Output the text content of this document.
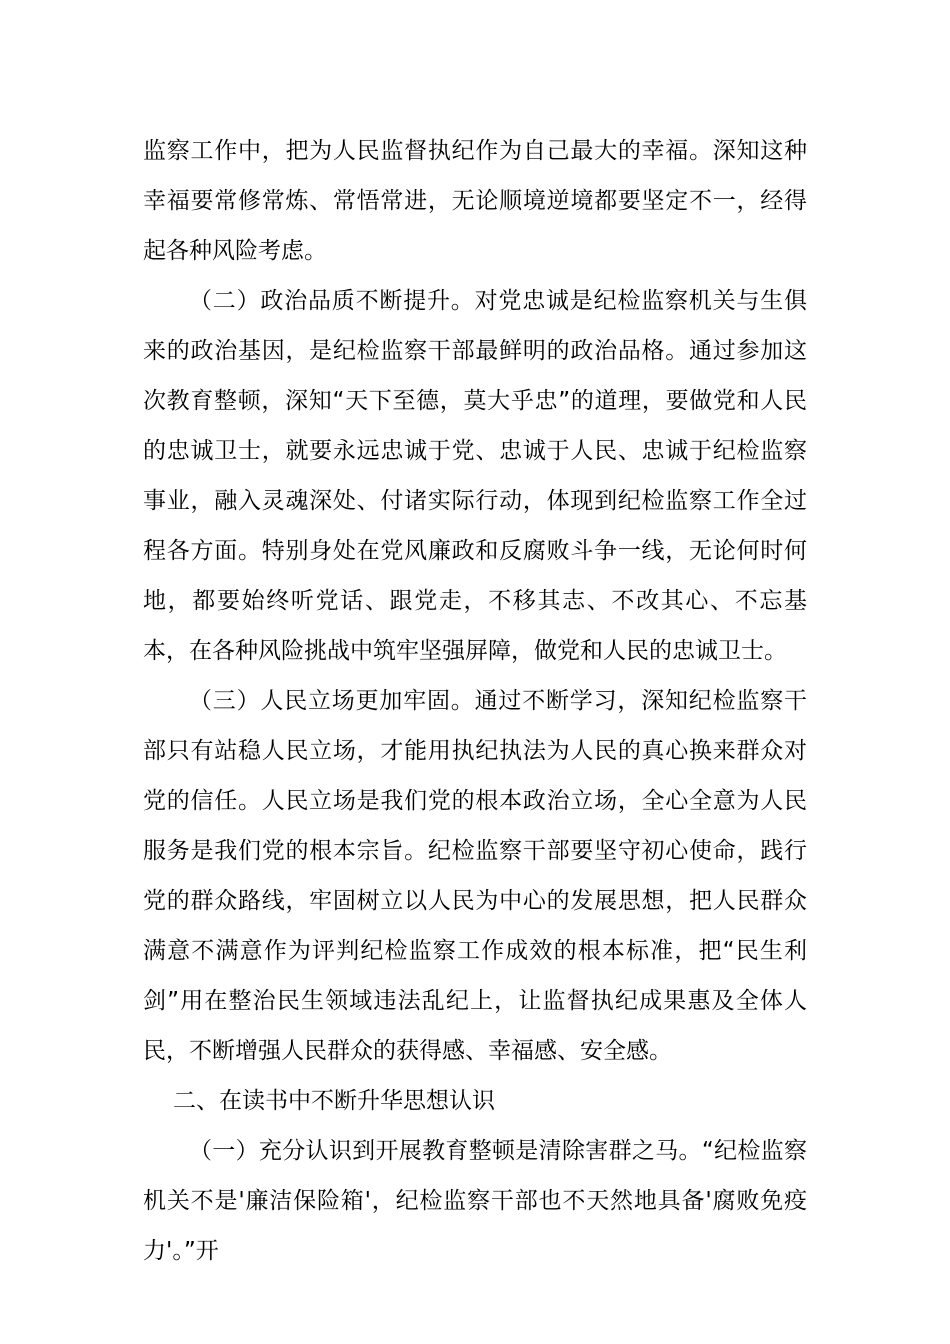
监察工作中，把为人民监督执纪作为自己最大的幸福。深知这种幸福要常修常炼、常悟常进，无论顺境逆境都要坚定不一，经得起各种风险考虑。

（二）政治品质不断提升。对党忠诚是纪检监察机关与生俱来的政治基因，是纪检监察干部最鲜明的政治品格。通过参加这次教育整顿，深知“天下至德，莫大乎忠”的道理，要做党和人民的忠诚卫士，就要永远忠诚于党、忠诚于人民、忠诚于纪检监察事业，融入灵魂深处、付诸实际行动，体现到纪检监察工作全过程各方面。特别身处在党风廉政和反腐败斗争一线，无论何时何地，都要始终听党话、跟党走，不移其志、不改其心、不忘基本，在各种风险挑战中筑牢坚强屏障，做党和人民的忠诚卫士。

（三）人民立场更加牢固。通过不断学习，深知纪检监察干部只有站稳人民立场，才能用执纪执法为人民的真心换来群众对党的信任。人民立场是我们党的根本政治立场，全心全意为人民服务是我们党的根本宗旨。纪检监察干部要坚守初心使命，践行党的群众路线，牢固树立以人民为中心的发展思想，把人民群众满意不满意作为评判纪检监察工作成效的根本标准，把“民生利剑”用在整治民生领域违法乱纪上，让监督执纪成果惠及全体人民，不断增强人民群众的获得感、幸福感、安全感。

二、在读书中不断升华思想认识

（一）充分认识到开展教育整顿是清除害群之马。“纪检监察机关不是'廉洁保险箱'，纪检监察干部也不天然地具备'腐败免疫力'。”开
